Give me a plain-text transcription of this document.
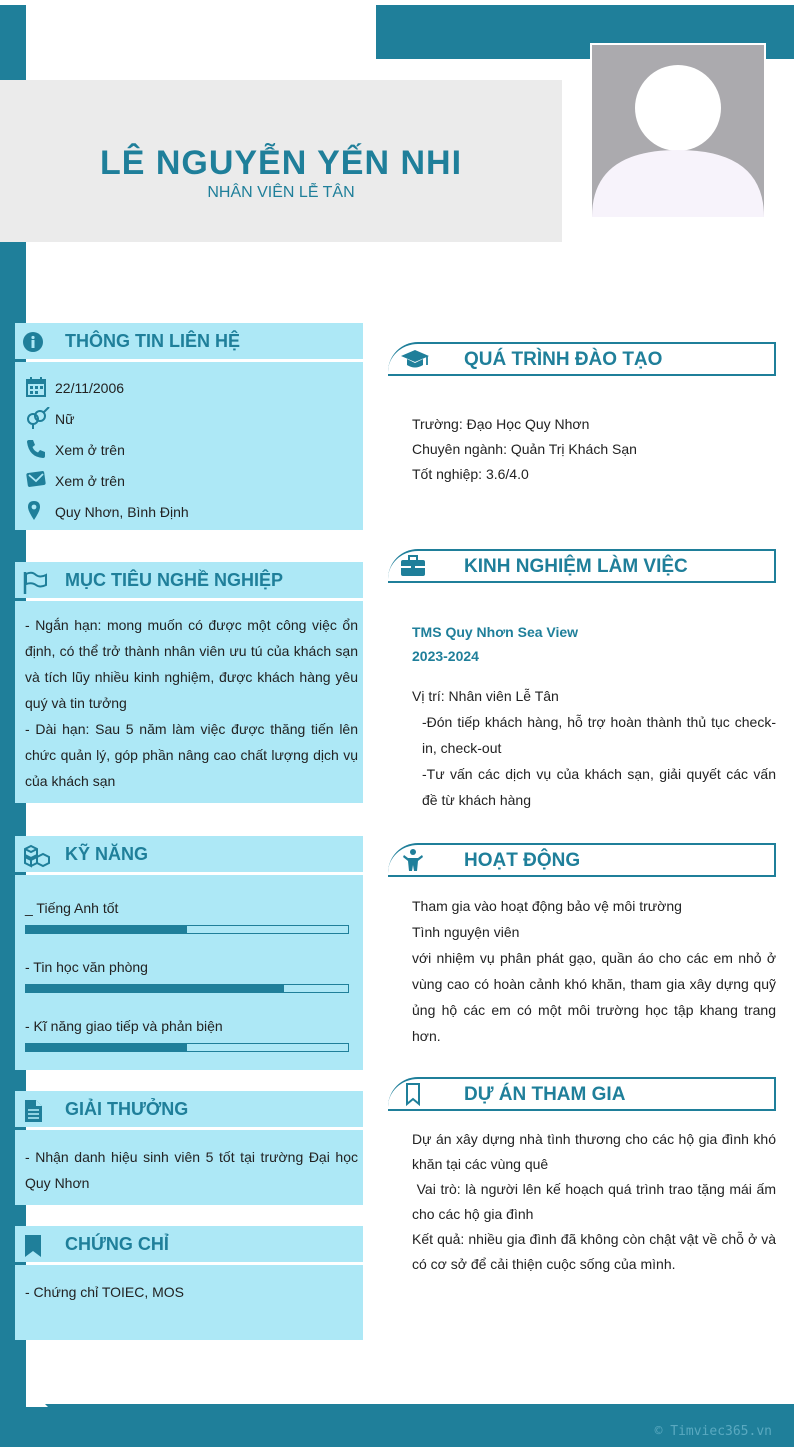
© Timviec365.vn
LÊ NGUYỄN YẾN NHI
NHÂN VIÊN LỄ TÂN
THÔNG TIN LIÊN HỆ
22/11/2006
Nữ
Xem ở trên
Xem ở trên
Quy Nhơn, Bình Định
MỤC TIÊU NGHỀ NGHIỆP
- Ngắn hạn: mong muốn có được một công việc ổn định, có thể trở thành nhân viên ưu tú của khách sạn và tích lũy nhiều kinh nghiệm, được khách hàng yêu quý và tin tưởng
- Dài hạn: Sau 5 năm làm việc được thăng tiến lên chức quản lý, góp phần nâng cao chất lượng dịch vụ của khách sạn
KỸ NĂNG
_ Tiếng Anh tốt
- Tin học văn phòng
- Kĩ năng giao tiếp và phản biện
GIẢI THƯỞNG
- Nhận danh hiệu sinh viên 5 tốt tại trường Đại học Quy Nhơn
CHỨNG CHỈ
- Chứng chỉ TOIEC, MOS
QUÁ TRÌNH ĐÀO TẠO
Trường: Đạo Học Quy Nhơn
Chuyên ngành: Quản Trị Khách Sạn
Tốt nghiệp: 3.6/4.0
KINH NGHIỆM LÀM VIỆC
TMS Quy Nhơn Sea View
2023-2024
Vị trí: Nhân viên Lễ Tân
-Đón tiếp khách hàng, hỗ trợ hoàn thành thủ tục check-in, check-out
-Tư vấn các dịch vụ của khách sạn, giải quyết các vấn đề từ khách hàng
HOẠT ĐỘNG
Tham gia vào hoạt động bảo vệ môi trường
Tình nguyện viên
với nhiệm vụ phân phát gạo, quần áo cho các em nhỏ ở vùng cao có hoàn cảnh khó khăn, tham gia xây dựng quỹ ủng hộ các em có một môi trường học tập khang trang hơn.
DỰ ÁN THAM GIA
Dự án xây dựng nhà tình thương cho các hộ gia đình khó khăn tại các vùng quê
Vai trò: là người lên kế hoạch quá trình trao tặng mái ấm cho các hộ gia đình
Kết quả: nhiều gia đình đã không còn chật vật về chỗ ở và có cơ sở để cải thiện cuộc sống của mình.
